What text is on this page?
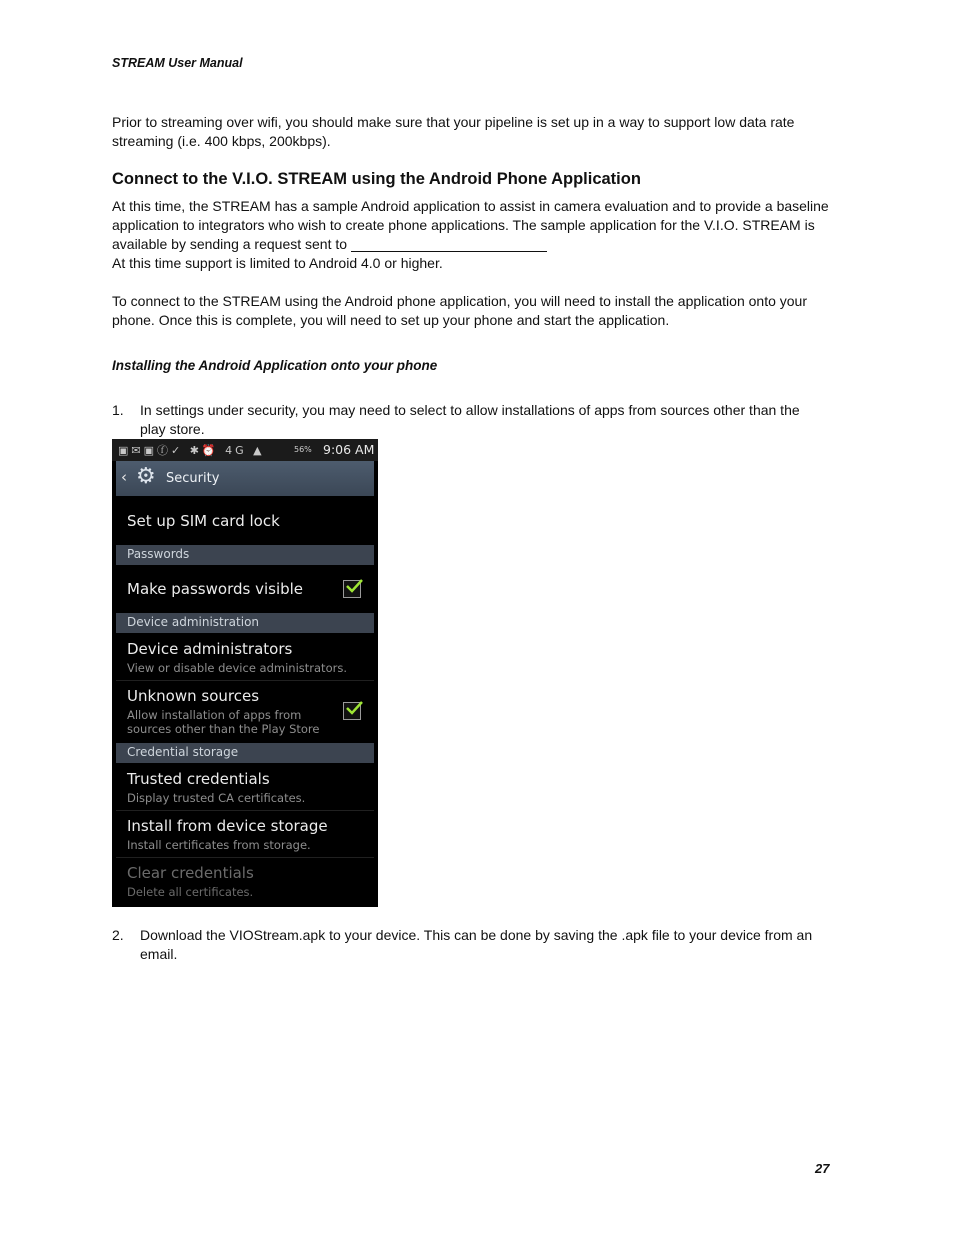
STREAM User Manual
Prior to streaming over wifi, you should make sure that your pipeline is set up in a way to support low data rate
streaming (i.e. 400 kbps, 200kbps).
Connect to the V.I.O. STREAM using the Android Phone Application
At this time, the STREAM has a sample Android application to assist in camera evaluation and to provide a baseline
application to integrators who wish to create phone applications. The sample application for the V.I.O. STREAM is
available by sending a request sent to
At this time support is limited to Android 4.0 or higher.
To connect to the STREAM using the Android phone application, you will need to install the application onto your
phone. Once this is complete, you will need to set up your phone and start the application.
Installing the Android Application onto your phone
1.	In settings under security, you may need to select to allow installations of apps from sources other than the
play store.
▣✉▣ⓕ✓ ✱⏰ 4G ▲	56% 9:06 AM
‹ ⚙ Security
Set up SIM card lock
Passwords
Make passwords visible
Device administration
Device administrators
View or disable device administrators.
Unknown sources
Allow installation of apps from
sources other than the Play Store
Credential storage
Trusted credentials
Display trusted CA certificates.
Install from device storage
Install certificates from storage.
Clear credentials
Delete all certificates.
2.	Download the VIOStream.apk to your device. This can be done by saving the .apk file to your device from an
email.
27
